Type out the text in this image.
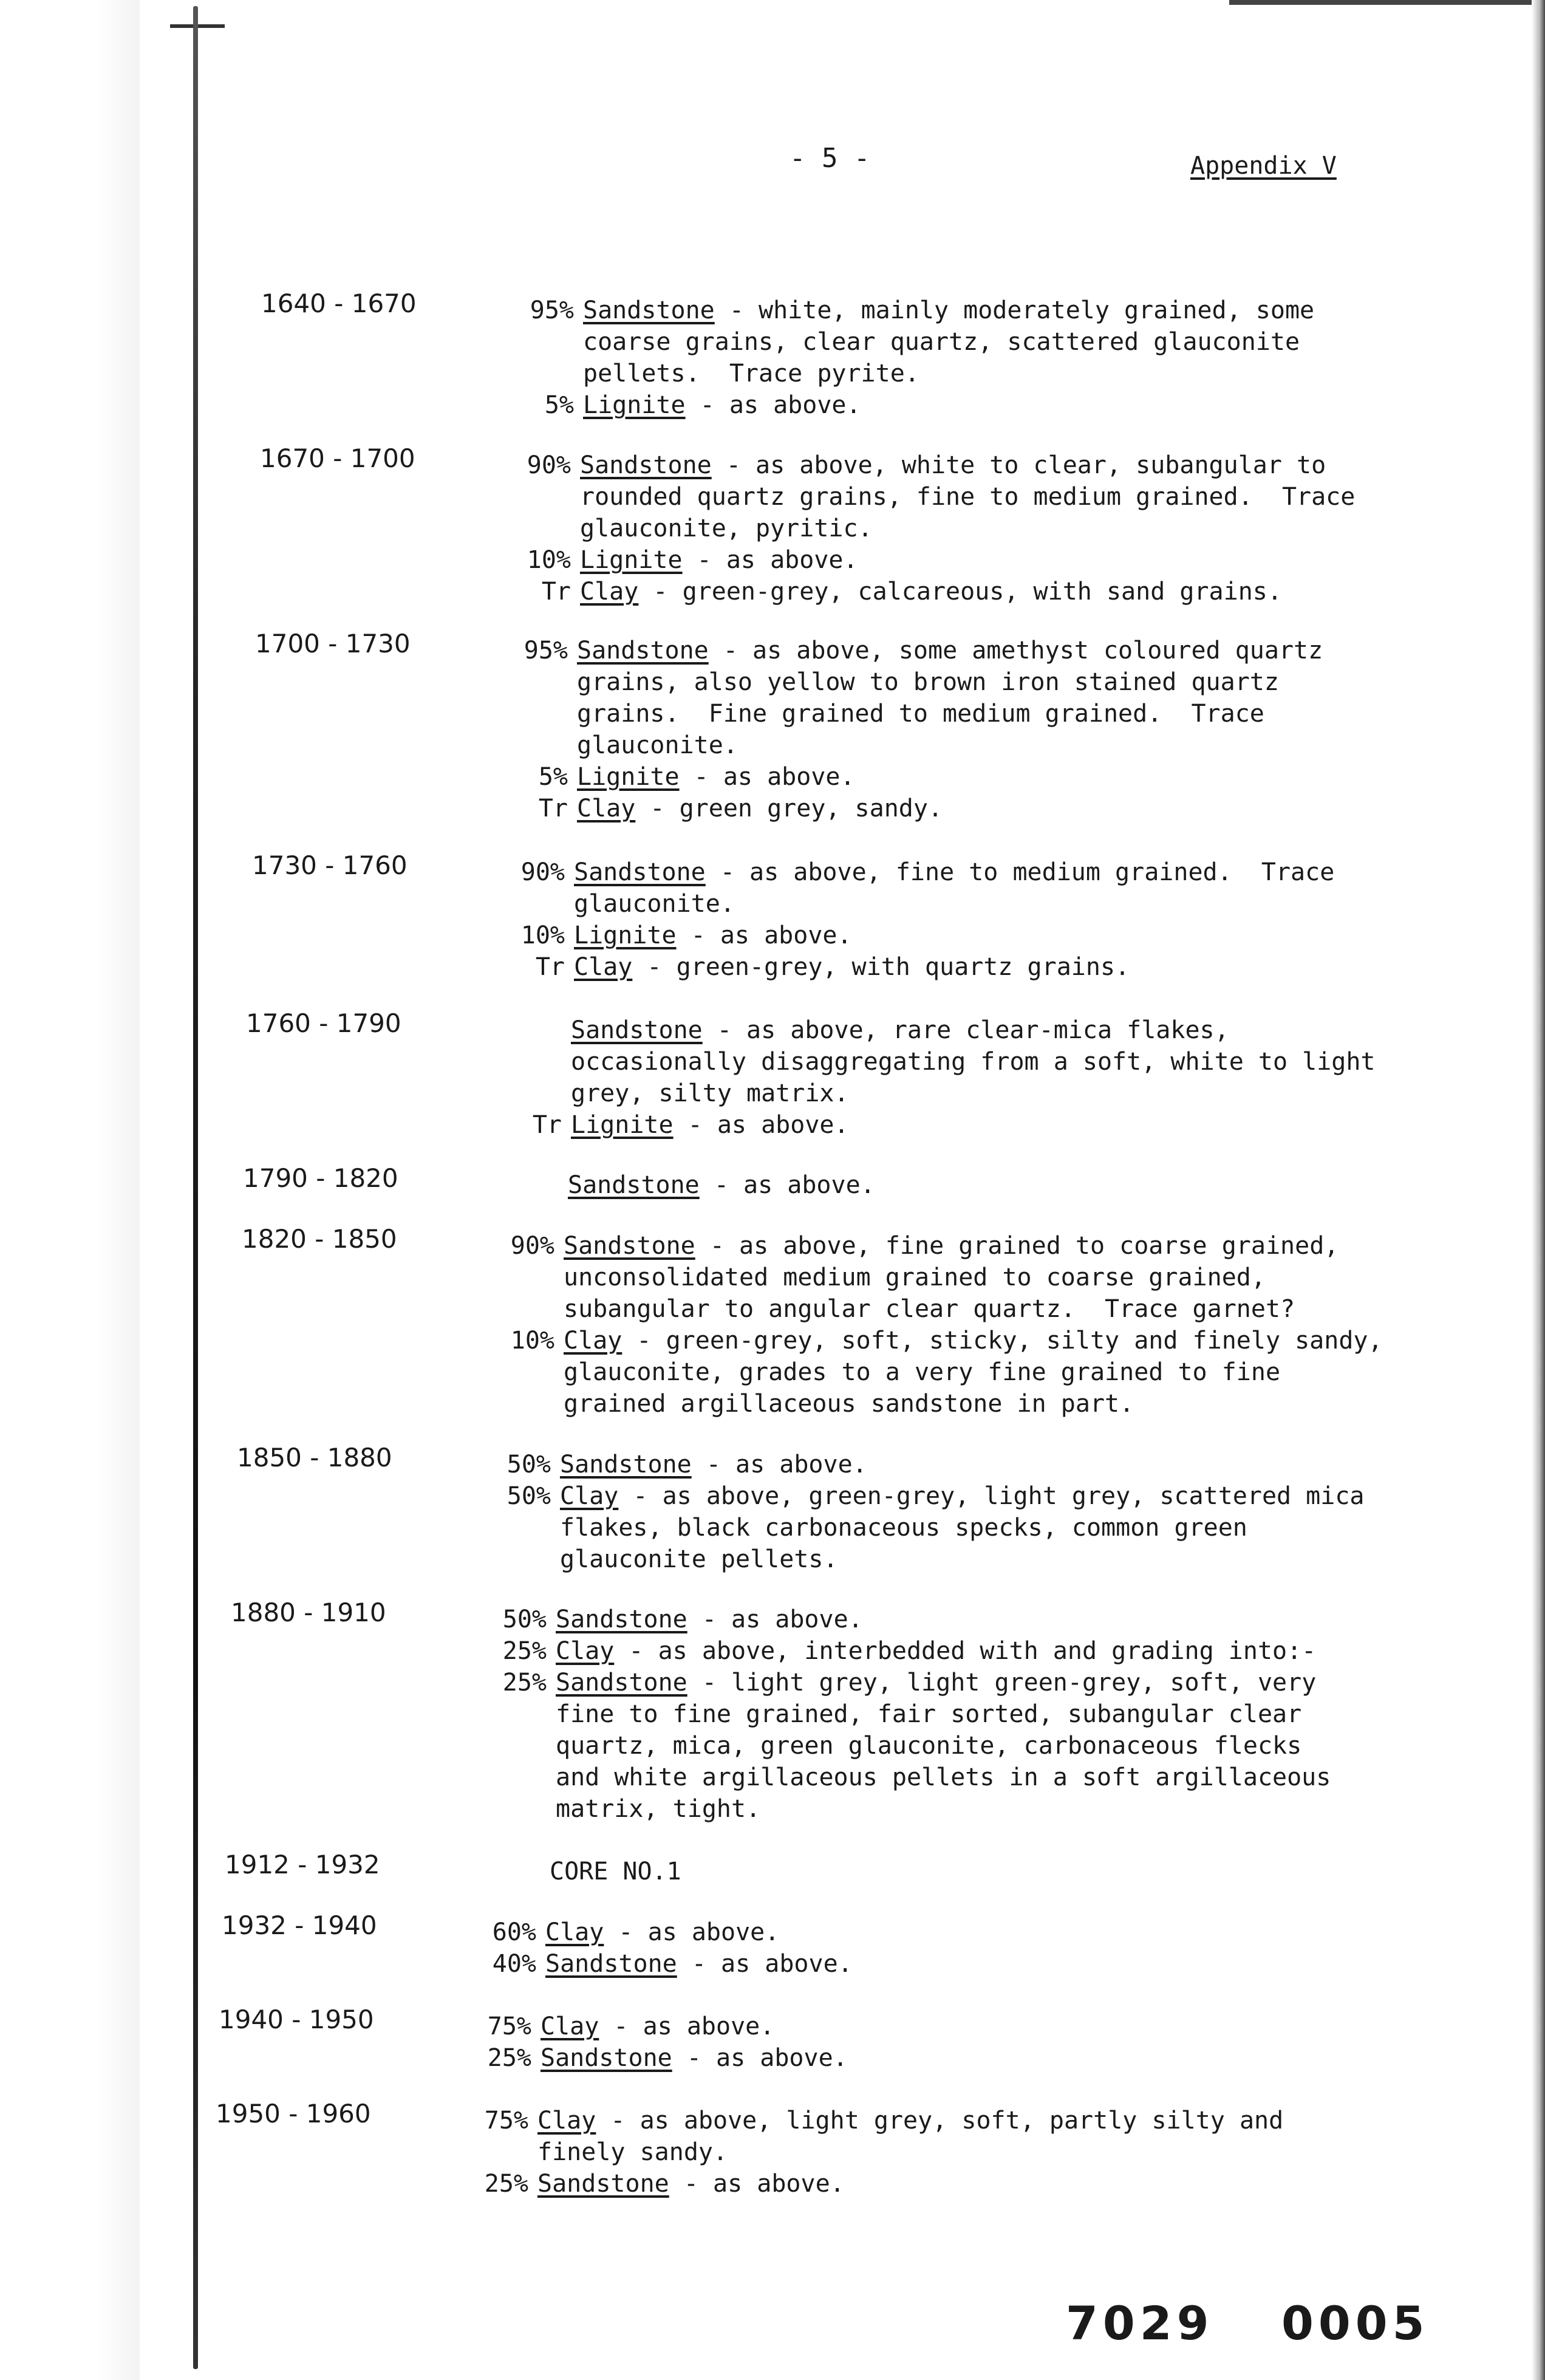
- 5 -	Appendix V
1640 - 1670	95% Sandstone - white, mainly moderately grained, some
coarse grains, clear quartz, scattered glauconite
pellets.  Trace pyrite.
5% Lignite - as above.
1670 - 1700	90% Sandstone - as above, white to clear, subangular to
rounded quartz grains, fine to medium grained.  Trace
glauconite, pyritic.
10% Lignite - as above.
Tr Clay - green-grey, calcareous, with sand grains.
1700 - 1730	95% Sandstone - as above, some amethyst coloured quartz
grains, also yellow to brown iron stained quartz
grains.  Fine grained to medium grained.  Trace
glauconite.
5% Lignite - as above.
Tr Clay - green grey, sandy.
1730 - 1760	90% Sandstone - as above, fine to medium grained.  Trace
glauconite.
10% Lignite - as above.
Tr Clay - green-grey, with quartz grains.
1760 - 1790	Sandstone - as above, rare clear-mica flakes,
occasionally disaggregating from a soft, white to light
grey, silty matrix.
Tr Lignite - as above.
1790 - 1820	Sandstone - as above.
1820 - 1850	90% Sandstone - as above, fine grained to coarse grained,
unconsolidated medium grained to coarse grained,
subangular to angular clear quartz.  Trace garnet?
10% Clay - green-grey, soft, sticky, silty and finely sandy,
glauconite, grades to a very fine grained to fine
grained argillaceous sandstone in part.
1850 - 1880	50% Sandstone - as above.
50% Clay - as above, green-grey, light grey, scattered mica
flakes, black carbonaceous specks, common green
glauconite pellets.
1880 - 1910	50% Sandstone - as above.
25% Clay - as above, interbedded with and grading into:-
25% Sandstone - light grey, light green-grey, soft, very
fine to fine grained, fair sorted, subangular clear
quartz, mica, green glauconite, carbonaceous flecks
and white argillaceous pellets in a soft argillaceous
matrix, tight.
1912 - 1932	CORE NO.1
1932 - 1940	60% Clay - as above.
40% Sandstone - as above.
1940 - 1950	75% Clay - as above.
25% Sandstone - as above.
1950 - 1960	75% Clay - as above, light grey, soft, partly silty and
finely sandy.
25% Sandstone - as above.
7029 0005
